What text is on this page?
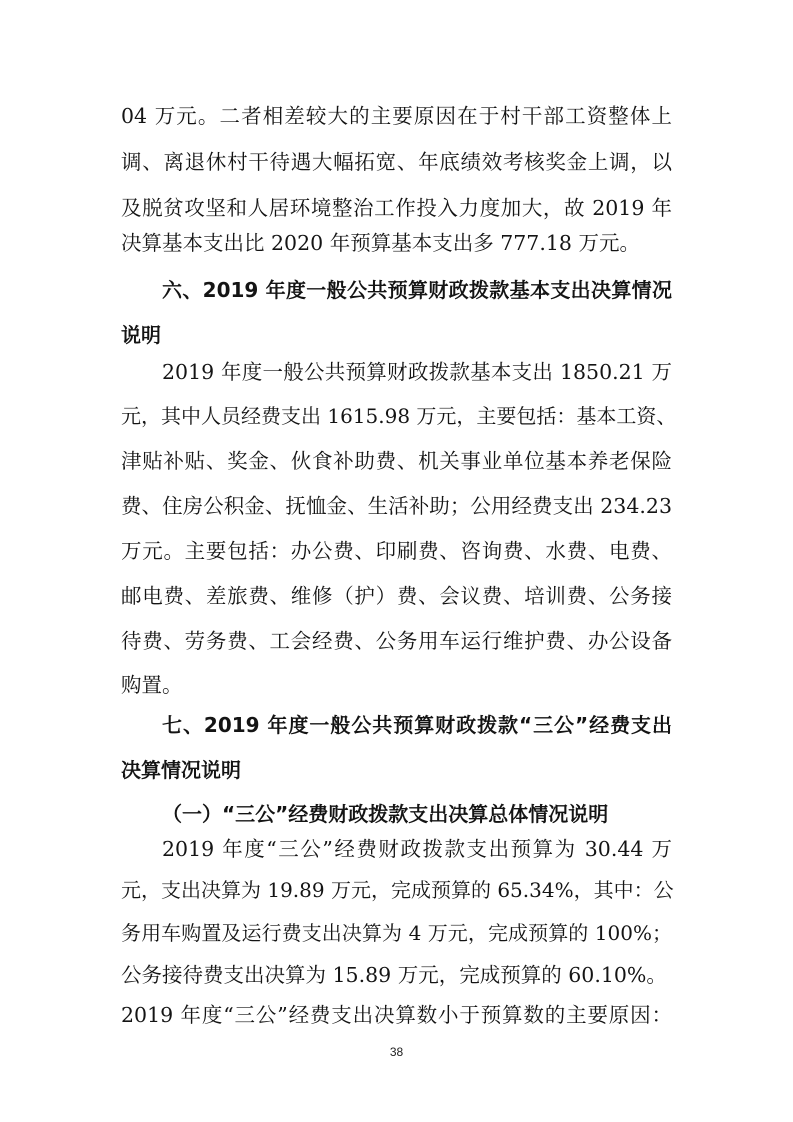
04 万元。二者相差较大的主要原因在于村干部工资整体上
调、离退休村干待遇大幅拓宽、年底绩效考核奖金上调，以
及脱贫攻坚和人居环境整治工作投入力度加大，故 2019 年
决算基本支出比 2020 年预算基本支出多 777.18 万元。
六、2019 年度一般公共预算财政拨款基本支出决算情况
说明
2019 年度一般公共预算财政拨款基本支出 1850.21 万
元，其中人员经费支出 1615.98 万元，主要包括：基本工资、
津贴补贴、奖金、伙食补助费、机关事业单位基本养老保险
费、住房公积金、抚恤金、生活补助；公用经费支出 234.23
万元。主要包括：办公费、印刷费、咨询费、水费、电费、
邮电费、差旅费、维修（护）费、会议费、培训费、公务接
待费、劳务费、工会经费、公务用车运行维护费、办公设备
购置。
七、2019 年度一般公共预算财政拨款“三公”经费支出
决算情况说明
（一）“三公”经费财政拨款支出决算总体情况说明
2019 年度“三公”经费财政拨款支出预算为 30.44 万
元，支出决算为 19.89 万元，完成预算的 65.34%，其中：公
务用车购置及运行费支出决算为 4 万元，完成预算的 100%；
公务接待费支出决算为 15.89 万元，完成预算的 60.10%。
2019 年度“三公”经费支出决算数小于预算数的主要原因：
38
